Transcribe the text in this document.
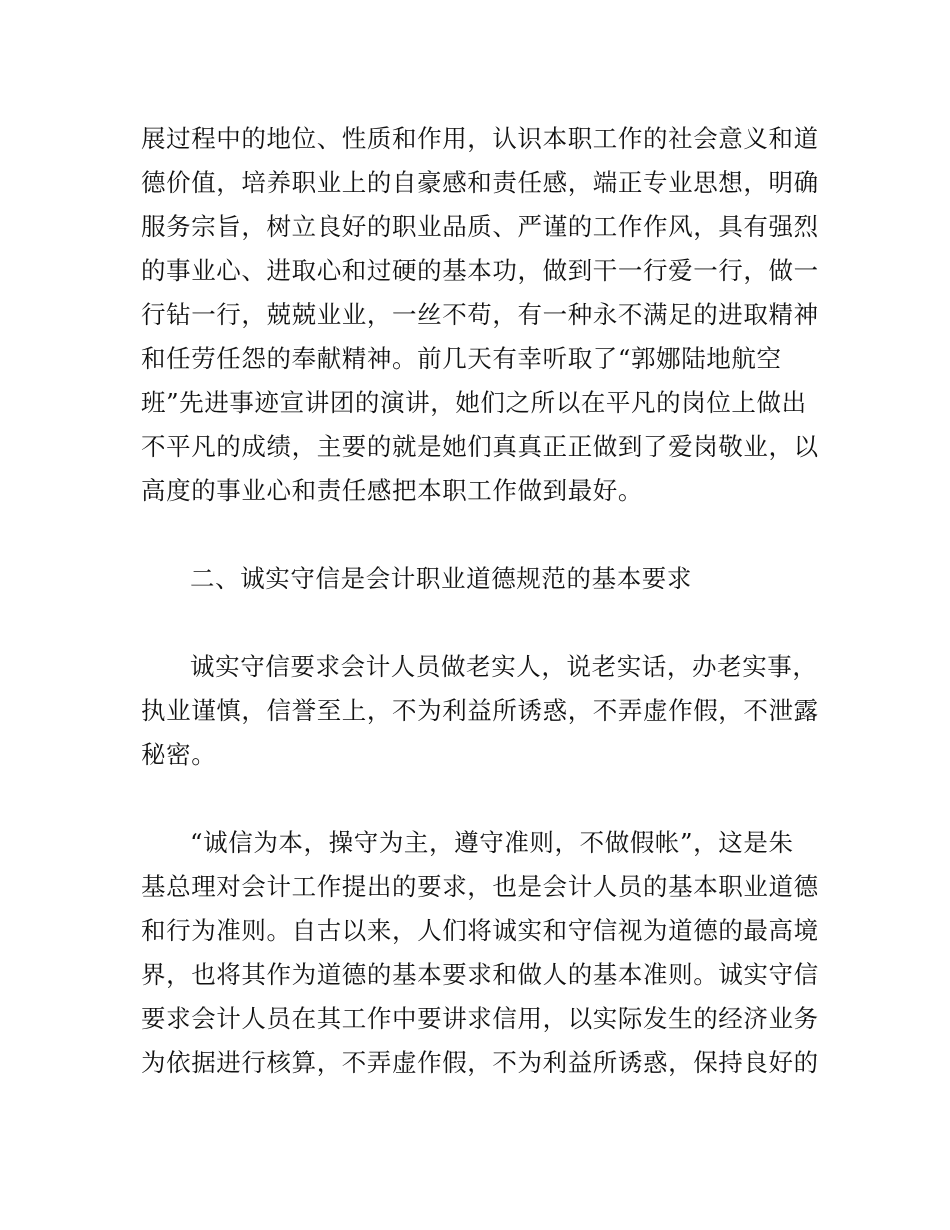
展过程中的地位、性质和作用，认识本职工作的社会意义和道
德价值，培养职业上的自豪感和责任感，端正专业思想，明确
服务宗旨，树立良好的职业品质、严谨的工作作风，具有强烈
的事业心、进取心和过硬的基本功，做到干一行爱一行，做一
行钻一行，兢兢业业，一丝不苟，有一种永不满足的进取精神
和任劳任怨的奉献精神。前几天有幸听取了“郭娜陆地航空
班”先进事迹宣讲团的演讲，她们之所以在平凡的岗位上做出
不平凡的成绩，主要的就是她们真真正正做到了爱岗敬业，以
高度的事业心和责任感把本职工作做到最好。
二、诚实守信是会计职业道德规范的基本要求
诚实守信要求会计人员做老实人，说老实话，办老实事，
执业谨慎，信誉至上，不为利益所诱惑，不弄虚作假，不泄露
秘密。
“诚信为本，操守为主，遵守准则，不做假帐”，这是朱
基总理对会计工作提出的要求，也是会计人员的基本职业道德
和行为准则。自古以来，人们将诚实和守信视为道德的最高境
界，也将其作为道德的基本要求和做人的基本准则。诚实守信
要求会计人员在其工作中要讲求信用，以实际发生的经济业务
为依据进行核算，不弄虚作假，不为利益所诱惑，保持良好的
